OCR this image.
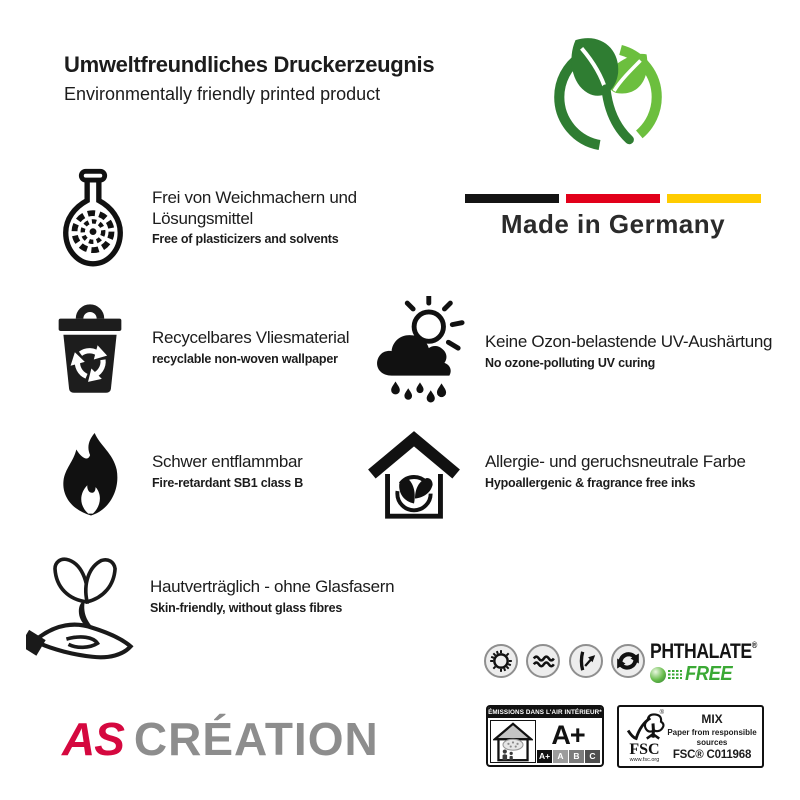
Umweltfreundliches Druckerzeugnis
Environmentally friendly printed product
Made in Germany
Frei von Weichmachern und Lösungsmittel
Free of plasticizers and solvents
Recycelbares Vliesmaterial
recyclable non-woven wallpaper
Schwer entflammbar
Fire-retardant SB1 class B
Hautverträglich - ohne Glasfasern
Skin-friendly, without glass fibres
Keine Ozon-belastende UV-Aushärtung
No ozone-polluting UV curing
Allergie- und geruchsneutrale Farbe
Hypoallergenic & fragrance free inks
AS CRÉATION
PHTHALATE®
FREE
ÉMISSIONS DANS L'AIR INTÉRIEUR*
A+
A+ A	B	C
®
FSC
www.fsc.org
MIX
Paper from responsible sources
FSC® C011968
